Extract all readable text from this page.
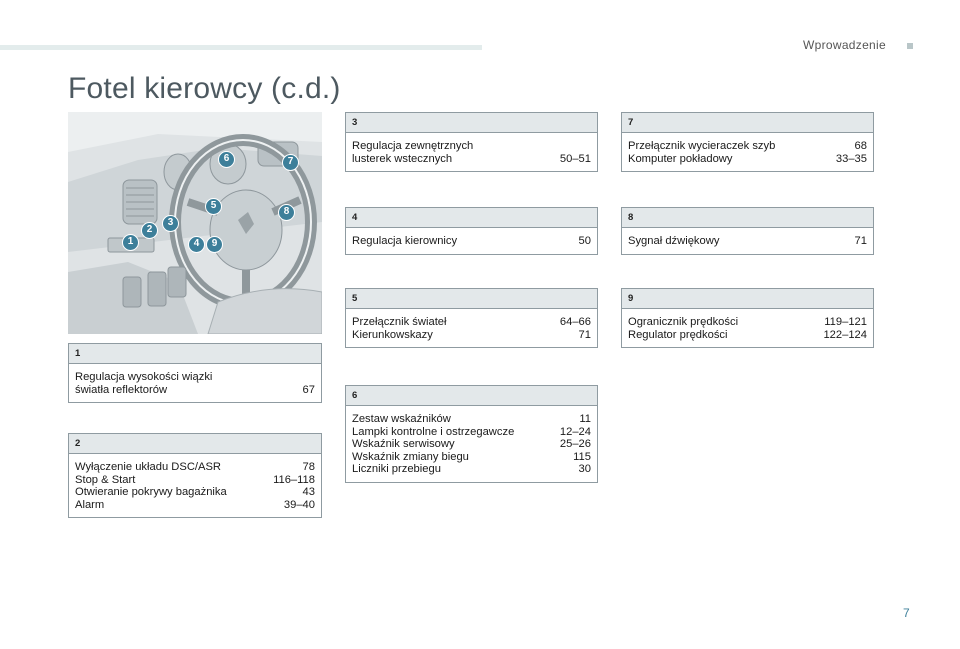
Wprowadzenie
Fotel kierowcy (c.d.)
1
2
3
4
5
6	7
8
9
1
Regulacja wysokości wiązki
światła reflektorów	67
2
Wyłączenie układu DSC/ASR	78
Stop & Start	116–118
Otwieranie pokrywy bagażnika	43
Alarm	39–40
3
Regulacja zewnętrznych
lusterek wstecznych	50–51
4
Regulacja kierownicy	50
5
Przełącznik świateł	64–66
Kierunkowskazy	71
6
Zestaw wskaźników	11
Lampki kontrolne i ostrzegawcze	12–24
Wskaźnik serwisowy	25–26
Wskaźnik zmiany biegu	115
Liczniki przebiegu	30
7
Przełącznik wycieraczek szyb	68
Komputer pokładowy	33–35
8
Sygnał dźwiękowy	71
9
Ogranicznik prędkości	119–121
Regulator prędkości	122–124
7
